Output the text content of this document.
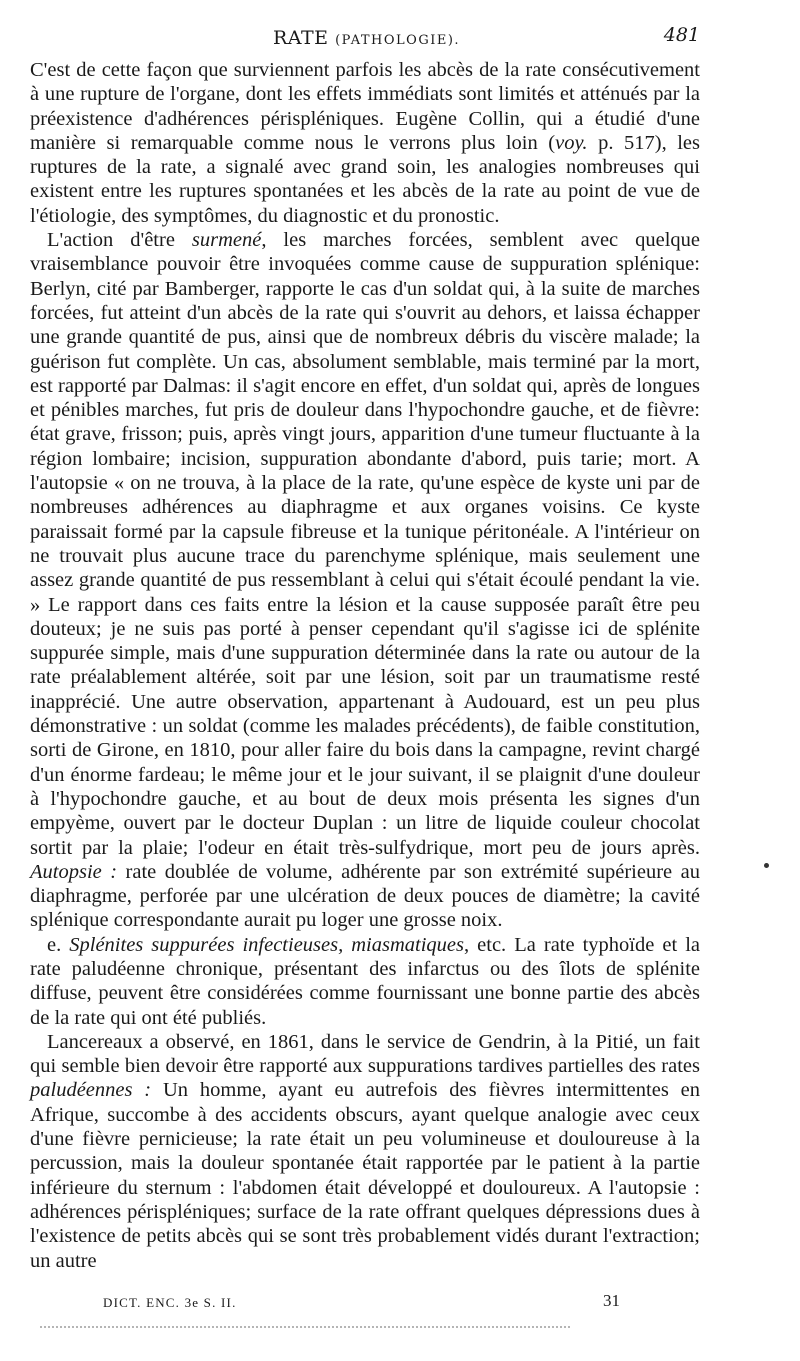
RATE (PATHOLOGIE).	481

C'est de cette façon que surviennent parfois les abcès de la rate consécutivement à une rupture de l'organe, dont les effets immédiats sont limités et atténués par la préexistence d'adhérences périspléniques. Eugène Collin, qui a étudié d'une manière si remarquable comme nous le verrons plus loin (voy. p. 517), les ruptures de la rate, a signalé avec grand soin, les analogies nombreuses qui existent entre les ruptures spontanées et les abcès de la rate au point de vue de l'étiologie, des symptômes, du diagnostic et du pronostic.

L'action d'être surmené, les marches forcées, semblent avec quelque vraisemblance pouvoir être invoquées comme cause de suppuration splénique: Berlyn, cité par Bamberger, rapporte le cas d'un soldat qui, à la suite de marches forcées, fut atteint d'un abcès de la rate qui s'ouvrit au dehors, et laissa échapper une grande quantité de pus, ainsi que de nombreux débris du viscère malade; la guérison fut complète. Un cas, absolument semblable, mais terminé par la mort, est rapporté par Dalmas: il s'agit encore en effet, d'un soldat qui, après de longues et pénibles marches, fut pris de douleur dans l'hypochondre gauche, et de fièvre: état grave, frisson; puis, après vingt jours, apparition d'une tumeur fluctuante à la région lombaire; incision, suppuration abondante d'abord, puis tarie; mort. A l'autopsie « on ne trouva, à la place de la rate, qu'une espèce de kyste uni par de nombreuses adhérences au diaphragme et aux organes voisins. Ce kyste paraissait formé par la capsule fibreuse et la tunique péritonéale. A l'intérieur on ne trouvait plus aucune trace du parenchyme splénique, mais seulement une assez grande quantité de pus ressemblant à celui qui s'était écoulé pendant la vie. » Le rapport dans ces faits entre la lésion et la cause supposée paraît être peu douteux; je ne suis pas porté à penser cependant qu'il s'agisse ici de splénite suppurée simple, mais d'une suppuration déterminée dans la rate ou autour de la rate préalablement altérée, soit par une lésion, soit par un traumatisme resté inapprécié. Une autre observation, appartenant à Audouard, est un peu plus démonstrative : un soldat (comme les malades précédents), de faible constitution, sorti de Girone, en 1810, pour aller faire du bois dans la campagne, revint chargé d'un énorme fardeau; le même jour et le jour suivant, il se plaignit d'une douleur à l'hypochondre gauche, et au bout de deux mois présenta les signes d'un empyème, ouvert par le docteur Duplan : un litre de liquide couleur chocolat sortit par la plaie; l'odeur en était très-sulfydrique, mort peu de jours après. Autopsie : rate doublée de volume, adhérente par son extrémité supérieure au diaphragme, perforée par une ulcération de deux pouces de diamètre; la cavité splénique correspondante aurait pu loger une grosse noix.

e. Splénites suppurées infectieuses, miasmatiques, etc. La rate typhoïde et la rate paludéenne chronique, présentant des infarctus ou des îlots de splénite diffuse, peuvent être considérées comme fournissant une bonne partie des abcès de la rate qui ont été publiés.

Lancereaux a observé, en 1861, dans le service de Gendrin, à la Pitié, un fait qui semble bien devoir être rapporté aux suppurations tardives partielles des rates paludéennes : Un homme, ayant eu autrefois des fièvres intermittentes en Afrique, succombe à des accidents obscurs, ayant quelque analogie avec ceux d'une fièvre pernicieuse; la rate était un peu volumineuse et douloureuse à la percussion, mais la douleur spontanée était rapportée par le patient à la partie inférieure du sternum : l'abdomen était développé et douloureux. A l'autopsie : adhérences périspléniques; surface de la rate offrant quelques dépressions dues à l'existence de petits abcès qui se sont très probablement vidés durant l'extraction; un autre

DICT. ENC. 3e S. II.	31
